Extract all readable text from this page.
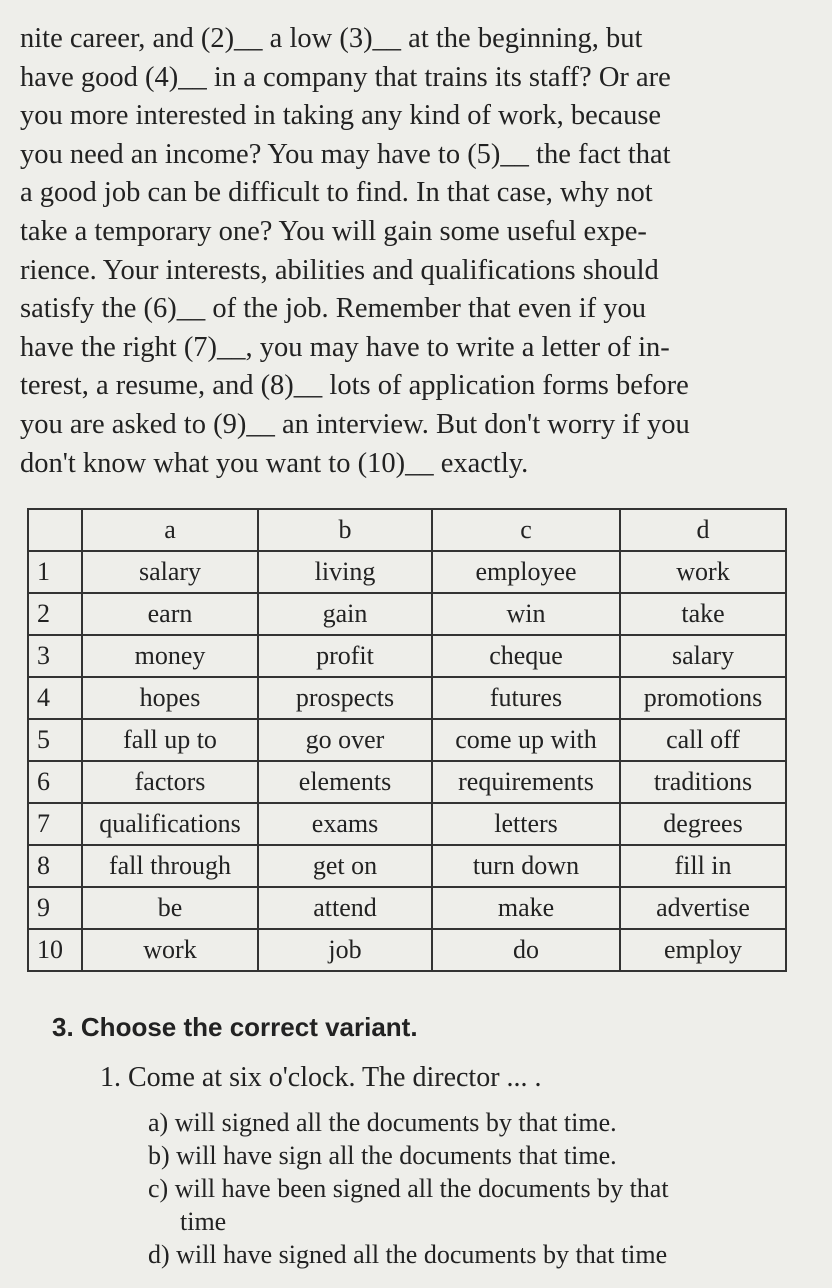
nite career, and (2)__ a low (3)__ at the beginning, but
have good (4)__ in a company that trains its staff? Or are
you more interested in taking any kind of work, because
you need an income? You may have to (5)__ the fact that
a good job can be difficult to find. In that case, why not
take a temporary one? You will gain some useful expe-
rience. Your interests, abilities and qualifications should
satisfy the (6)__ of the job. Remember that even if you
have the right (7)__, you may have to write a letter of in-
terest, a resume, and (8)__ lots of application forms before
you are asked to (9)__ an interview. But don't worry if you
don't know what you want to (10)__ exactly.
	a	b	c	d
1	salary	living	employee	work
2	earn	gain	win	take
3	money	profit	cheque	salary
4	hopes	prospects	futures	promotions
5	fall up to	go over	come up with	call off
6	factors	elements	requirements	traditions
7	qualifications	exams	letters	degrees
8	fall through	get on	turn down	fill in
9	be	attend	make	advertise
10	work	job	do	employ
3. Choose the correct variant.
1. Come at six o'clock. The director ... .
a) will signed all the documents by that time.
b) will have sign all the documents that time.
c) will have been signed all the documents by that
time
d) will have signed all the documents by that time
